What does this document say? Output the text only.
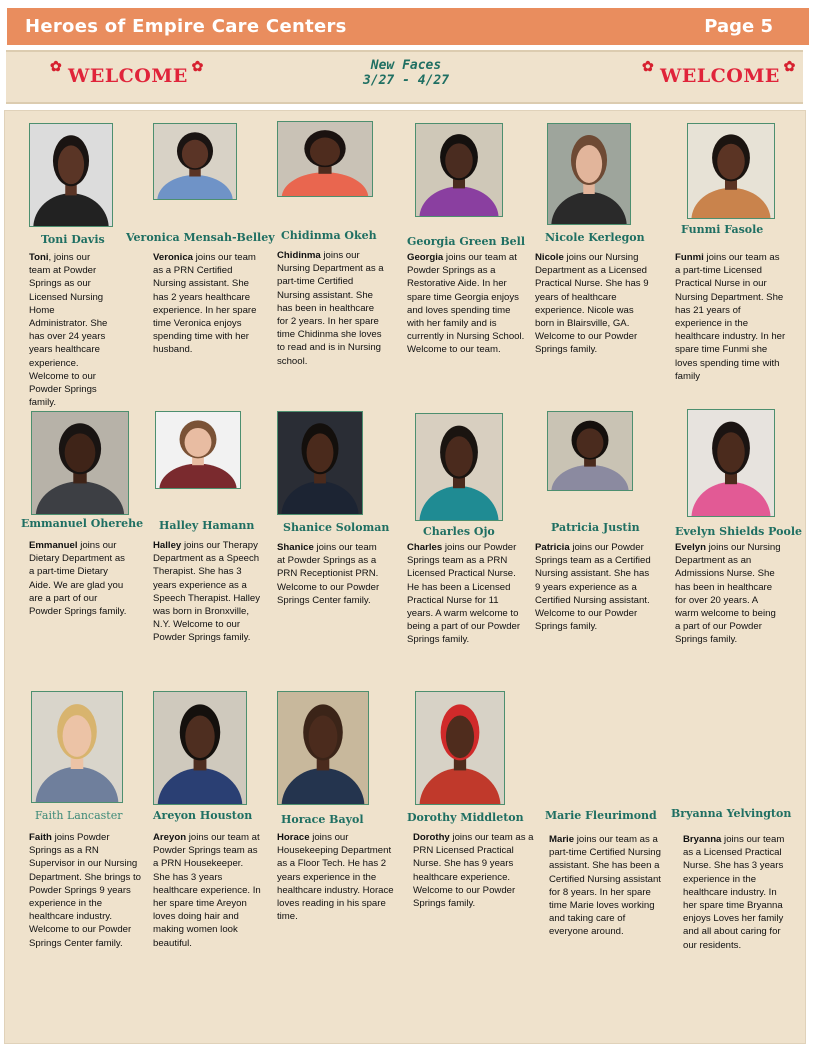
Heroes of Empire Care Centers	Page 5
✿ WELCOME ✿	New Faces
3/27 - 4/27
✿ WELCOME ✿
Toni Davis
Toni, joins our team at Powder Springs as our Licensed Nursing Home Administrator. She has over 24 years years healthcare experience. Welcome to our Powder Springs family.
Veronica Mensah-Belley
Veronica joins our team as a PRN Certified Nursing assistant. She has 2 years healthcare experience. In her spare time Veronica enjoys spending time with her husband.
Chidinma Okeh
Chidinma joins our Nursing Department as a part-time Certified Nursing assistant. She has been in healthcare for 2 years. In her spare time Chidinma she loves to read and is in Nursing school.
Georgia Green Bell
Georgia joins our team at Powder Springs as a Restorative Aide. In her spare time Georgia enjoys and loves spending time with her family and is currently in Nursing School. Welcome to our team.
Nicole Kerlegon
Nicole joins our Nursing Department as a Licensed Practical Nurse. She has 9 years of healthcare experience. Nicole was born in Blairsville, GA. Welcome to our Powder Springs family.
Funmi Fasole
Funmi joins our team as a part-time Licensed Practical Nurse in our Nursing Department. She has 21 years of experience in the healthcare industry. In her spare time Funmi she loves spending time with family
Emmanuel Oherehe
Emmanuel joins our Dietary Department as a part-time Dietary Aide. We are glad you are a part of our Powder Springs family.
Halley Hamann
Halley joins our Therapy Department as a Speech Therapist. She has 3 years experience as a Speech Therapist. Halley was born in Bronxville, N.Y. Welcome to our Powder Springs family.
Shanice Soloman
Shanice joins our team at Powder Springs as a PRN Receptionist PRN. Welcome to our Powder Springs Center family.
Charles Ojo
Charles joins our Powder Springs team as a PRN Licensed Practical Nurse. He has been a Licensed Practical Nurse for 11 years. A warm welcome to being a part of our Powder Springs family.
Patricia Justin
Patricia joins our Powder Springs team as a Certified Nursing assistant. She has 9 years experience as a Certified Nursing assistant. Welcome to our Powder Springs family.
Evelyn Shields Poole
Evelyn joins our Nursing Department as an Admissions Nurse. She has been in healthcare for over 20 years. A warm welcome to being a part of our Powder Springs family.
Faith Lancaster
Faith joins Powder Springs as a RN Supervisor in our Nursing Department. She brings to Powder Springs 9 years experience in the healthcare industry. Welcome to our Powder Springs Center family.
Areyon Houston
Areyon joins our team at Powder Springs team as a PRN Housekeeper. She has 3 years healthcare experience. In her spare time Areyon loves doing hair and making women look beautiful.
Horace Bayol
Horace joins our Housekeeping Department as a Floor Tech. He has 2 years experience in the healthcare industry. Horace loves reading in his spare time.
Dorothy Middleton
Dorothy joins our team as a PRN Licensed Practical Nurse. She has 9 years healthcare experience. Welcome to our Powder Springs family.
Marie Fleurimond
Marie joins our team as a part-time Certified Nursing assistant. She has been a Certified Nursing assistant for 8 years. In her spare time Marie loves working and taking care of everyone around.
Bryanna Yelvington
Bryanna joins our team as a Licensed Practical Nurse. She has 3 years experience in the healthcare industry. In her spare time Bryanna enjoys Loves her family and all about caring for our residents.
